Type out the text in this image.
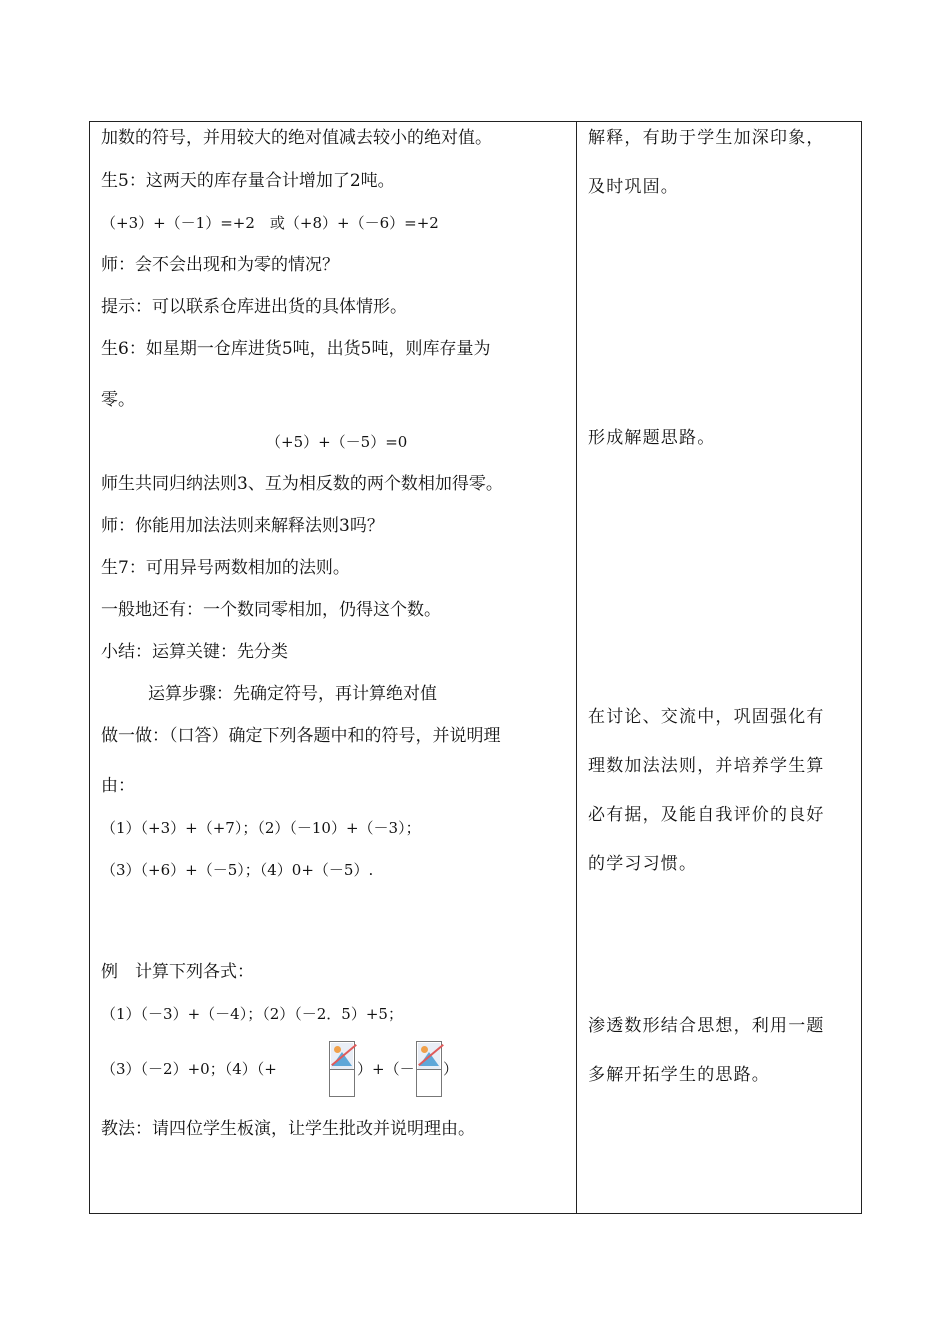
加数的符号，并用较大的绝对值减去较小的绝对值。
生5：这两天的库存量合计增加了2吨。
（+3）+（－1）=+2　或（+8）+（－6）=+2
师：会不会出现和为零的情况？
提示：可以联系仓库进出货的具体情形。
生6：如星期一仓库进货5吨，出货5吨，则库存量为
零。
（+5）+（－5）=0
师生共同归纳法则3、互为相反数的两个数相加得零。
师：你能用加法法则来解释法则3吗？
生7：可用异号两数相加的法则。
一般地还有：一个数同零相加，仍得这个数。
小结：运算关键：先分类
运算步骤：先确定符号，再计算绝对值
做一做：（口答）确定下列各题中和的符号，并说明理
由：
（1）（+3）+（+7）；（2）（－10）+（－3）；
（3）（+6）+（－5）；（4）0+（－5）.
例　计算下列各式：
（1）（－3）+（－4）；（2）（－2．5）+5；
（3）（－2）+0；（4）（+	）+（－ ）
教法：请四位学生板演，让学生批改并说明理由。
解释，有助于学生加深印象，
及时巩固。
形成解题思路。
在讨论、交流中，巩固强化有
理数加法法则，并培养学生算
必有据，及能自我评价的良好
的学习习惯。
渗透数形结合思想，利用一题
多解开拓学生的思路。
